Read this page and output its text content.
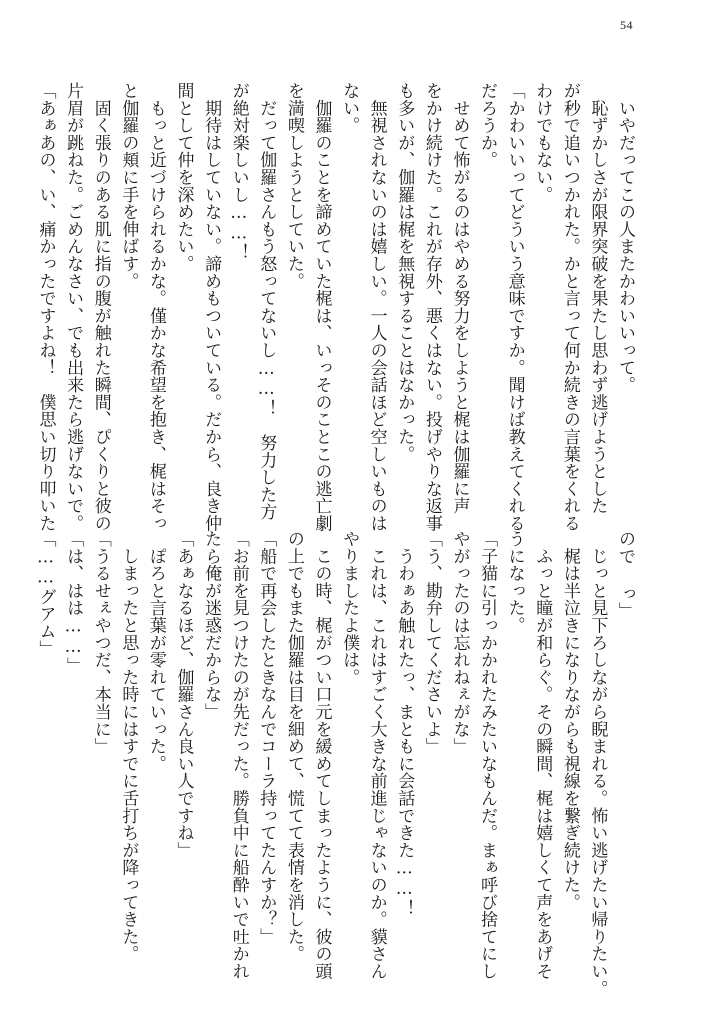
54
　いやだってこの人またかわいいって。
　恥ずかしさが限界突破を果たし思わず逃げようとした
が秒で追いつかれた。かと言って何か続きの言葉をくれる
わけでもない。
「かわいいってどういう意味ですか。聞けば教えてくれる
だろうか。
　せめて怖がるのはやめる努力をしようと梶は伽羅に声
をかけ続けた。これが存外、悪くはない。投げやりな返事
も多いが、伽羅は梶を無視することはなかった。
　無視されないのは嬉しい。一人の会話ほど空しいものは
ない。
　伽羅のことを諦めていた梶は、いっそのことこの逃亡劇
を満喫しようとしていた。
　だって伽羅さんもう怒ってないし……！　努力した方
が絶対楽しいし……！
　期待はしていない。諦めもついている。だから、良き仲
間として仲を深めたい。
　もっと近づけられるかな。僅かな希望を抱き、梶はそっ
と伽羅の頬に手を伸ばす。
　固く張りのある肌に指の腹が触れた瞬間、ぴくりと彼の
片眉が跳ねた。ごめんなさい、でも出来たら逃げないで。
「あぁあの、い、痛かったですよね！　僕思い切り叩いた
ので っ」
　じっと見下ろしながら睨まれる。怖い逃げたい帰りたい。
　梶は半泣きになりながらも視線を繋ぎ続けた。
　ふっと瞳が和らぐ。その瞬間、梶は嬉しくて声をあげそ
うになった。
「子猫に引っかかれたみたいなもんだ。まぁ呼び捨てにし
やがったのは忘れねぇがな」
「う、勘弁してくださいよ」
　うわぁあ触れたっ、まともに会話できた……！
　これは、これはすごく大きな前進じゃないのか。貘さん
やりましたよ僕は。
　この時、梶がつい口元を緩めてしまったように、彼の頭
の上でもまた伽羅は目を細めて、慌てて表情を消した。
「船で再会したときなんでコーラ持ってたんすか？」
「お前を見つけたのが先だった。勝負中に船酔いで吐かれ
たら俺が迷惑だからな」
「あぁなるほど、伽羅さん良い人ですね」
　ぽろと言葉が零れていった。
　しまったと思った時にはすでに舌打ちが降ってきた。
「うるせぇやつだ、本当に」
「は、はは……」
「……グアム」
